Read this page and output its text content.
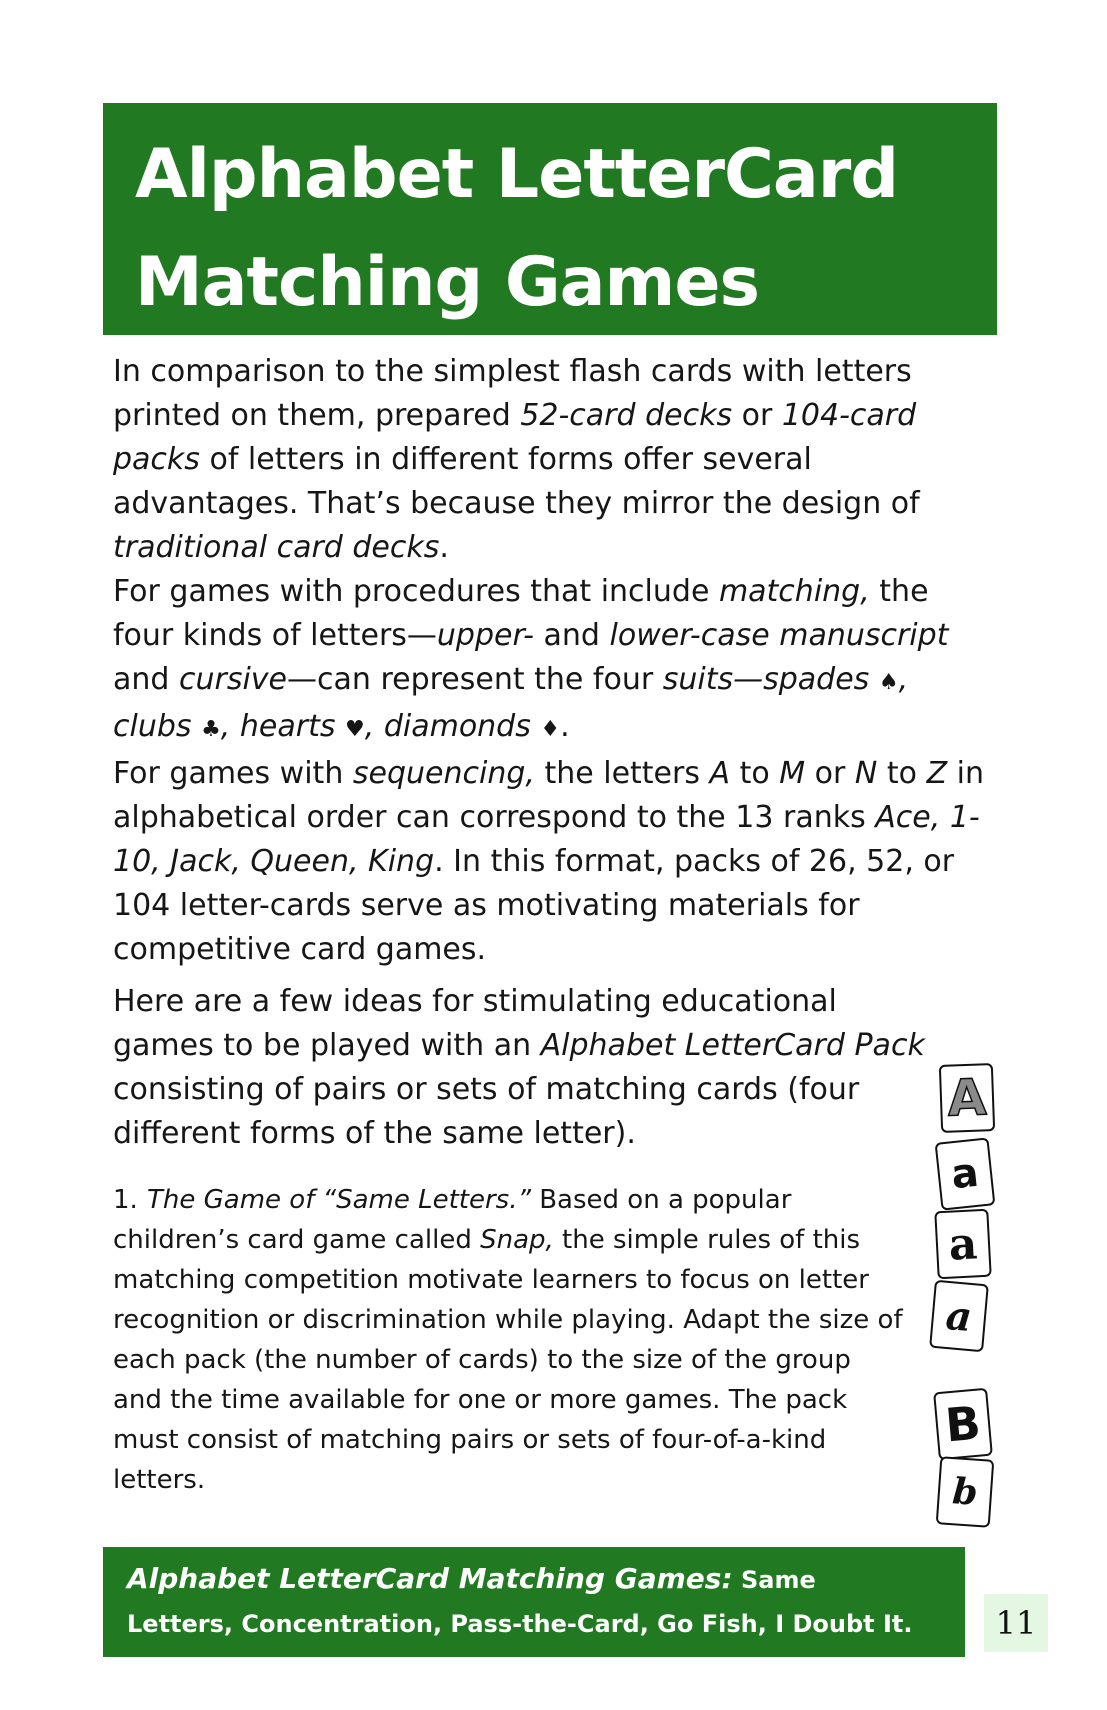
Alphabet LetterCard
Matching Games

In comparison to the simplest flash cards with letters printed on them, prepared 52-card decks or 104-card packs of letters in different forms offer several advantages. That’s because they mirror the design of traditional card decks.

For games with procedures that include matching, the four kinds of letters—upper- and lower-case manuscript and cursive—can represent the four suits—spades ♠, clubs ♣, hearts ♥, diamonds ♦.

For games with sequencing, the letters A to M or N to Z in alphabetical order can correspond to the 13 ranks Ace, 1-10, Jack, Queen, King. In this format, packs of 26, 52, or 104 letter-cards serve as motivating materials for competitive card games.

Here are a few ideas for stimulating educational games to be played with an Alphabet LetterCard Pack consisting of pairs or sets of matching cards (four different forms of the same letter).

1. The Game of “Same Letters.” Based on a popular children’s card game called Snap, the simple rules of this matching competition motivate learners to focus on letter recognition or discrimination while playing. Adapt the size of each pack (the number of cards) to the size of the group and the time available for one or more games. The pack must consist of matching pairs or sets of four-of-a-kind letters.
A
a
a
a
B
b
Alphabet LetterCard Matching Games: Same
Letters, Concentration, Pass-the-Card, Go Fish, I Doubt It.	11
